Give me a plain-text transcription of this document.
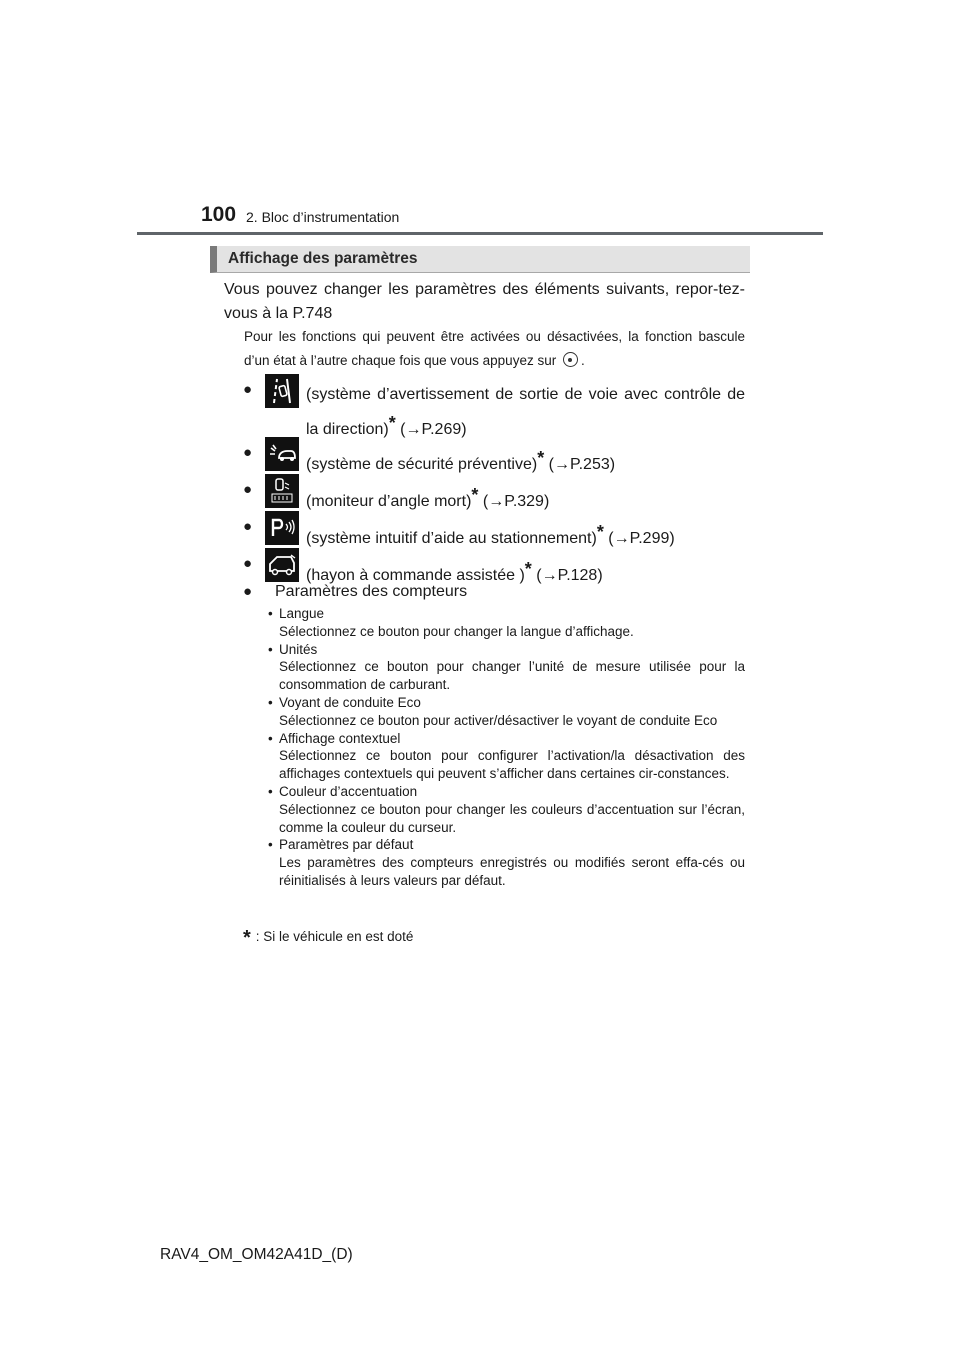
100 2. Bloc d’instrumentation
Affichage des paramètres
Vous pouvez changer les paramètres des éléments suivants, repor-tez-vous à la P.748
Pour les fonctions qui peuvent être activées ou désactivées, la fonction bascule d’un état à l’autre chaque fois que vous appuyez sur .
●	(système d’avertissement de sortie de voie avec contrôle de la direction)* (→P.269)
●
(système de sécurité préventive)* (→P.253)
●
(moniteur d’angle mort)* (→P.329)
●
(système intuitif d’aide au stationnement)* (→P.299)
●
(hayon à commande assistée )* (→P.128)
● Paramètres des compteurs
• Langue
Sélectionnez ce bouton pour changer la langue d’affichage.
• Unités
Sélectionnez ce bouton pour changer l’unité de mesure utilisée pour la consommation de carburant.
• Voyant de conduite Eco
Sélectionnez ce bouton pour activer/désactiver le voyant de conduite Eco
• Affichage contextuel
Sélectionnez ce bouton pour configurer l’activation/la désactivation des affichages contextuels qui peuvent s’afficher dans certaines cir-constances.
• Couleur d’accentuation
Sélectionnez ce bouton pour changer les couleurs d’accentuation sur l’écran, comme la couleur du curseur.
• Paramètres par défaut
Les paramètres des compteurs enregistrés ou modifiés seront effa-cés ou réinitialisés à leurs valeurs par défaut.
* : Si le véhicule en est doté
RAV4_OM_OM42A41D_(D)
